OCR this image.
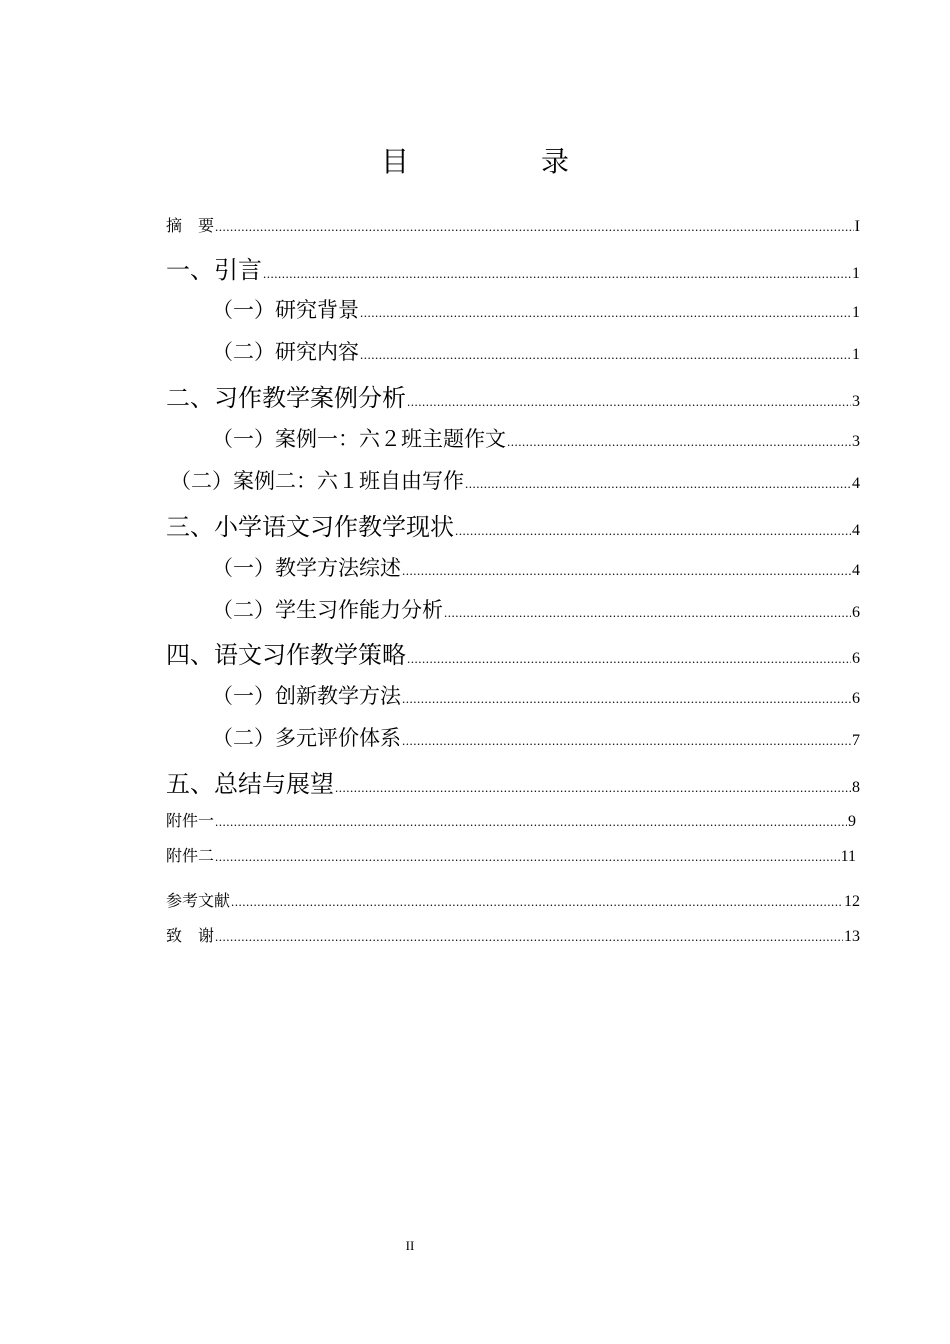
目　录
摘　要 .....	I
一、引言 .....	1
（一）研究背景 .....	1
（二）研究内容 .....	1
二、习作教学案例分析 .....	3
（一）案例一：六２班主题作文 .....	3
（二）案例二：六１班自由写作 .....	4
三、小学语文习作教学现状 .....	4
（一）教学方法综述 .....	4
（二）学生习作能力分析 .....	6
四、语文习作教学策略 .....	6
（一）创新教学方法 .....	6
（二）多元评价体系 .....	7
五、总结与展望 .....	8
附件一 .....	9
附件二 .....	11
参考文献 .....	12
致　谢 .....	13
II
